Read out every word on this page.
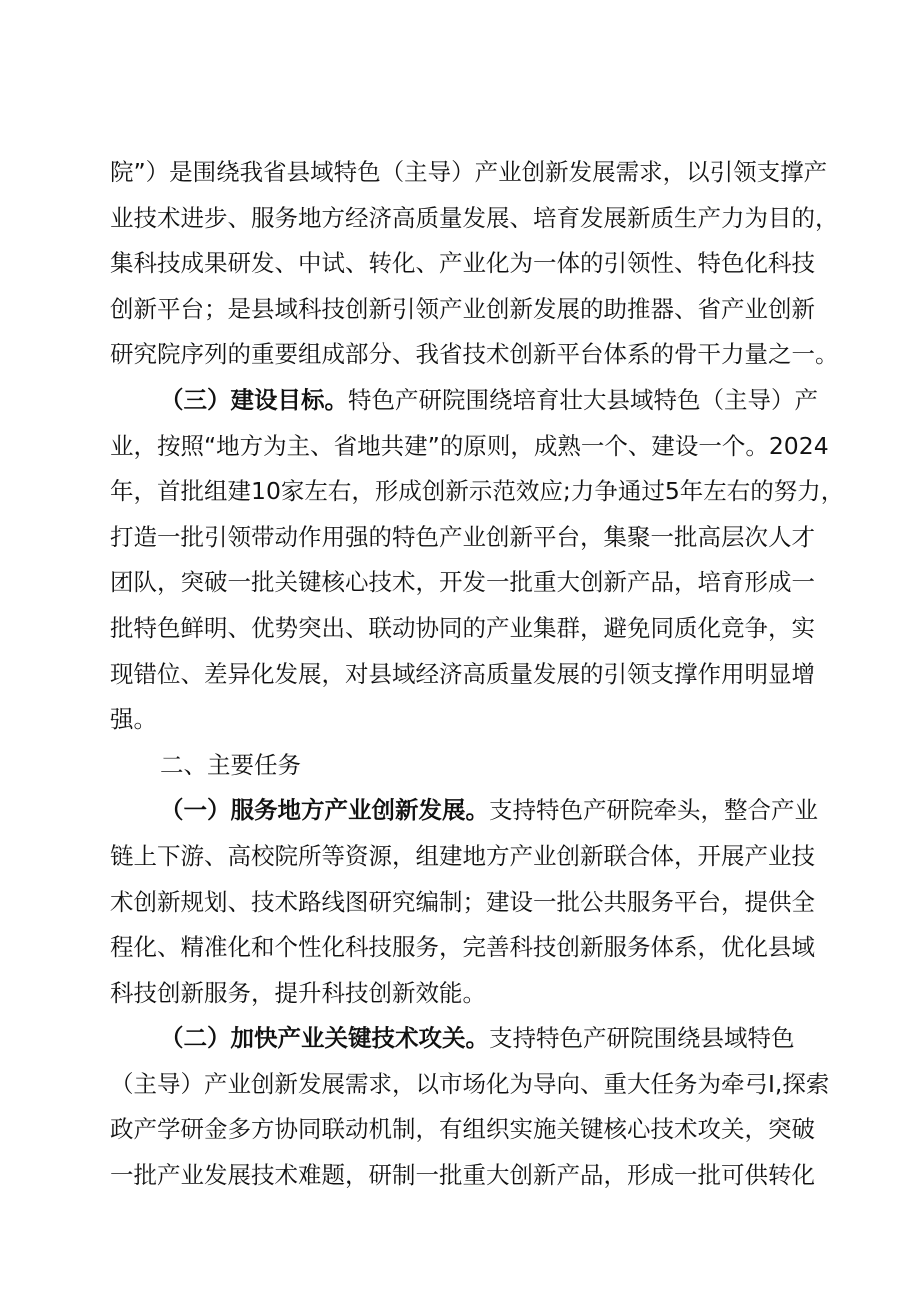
院”）是围绕我省县域特色（主导）产业创新发展需求，以引领支撑产
业技术进步、服务地方经济高质量发展、培育发展新质生产力为目的，
集科技成果研发、中试、转化、产业化为一体的引领性、特色化科技
创新平台；是县域科技创新引领产业创新发展的助推器、省产业创新
研究院序列的重要组成部分、我省技术创新平台体系的骨干力量之一。
（三）建设目标。特色产研院围绕培育壮大县域特色（主导）产
业，按照“地方为主、省地共建”的原则，成熟一个、建设一个。2024
年，首批组建10家左右，形成创新示范效应;力争通过5年左右的努力，
打造一批引领带动作用强的特色产业创新平台，集聚一批高层次人才
团队，突破一批关键核心技术，开发一批重大创新产品，培育形成一
批特色鲜明、优势突出、联动协同的产业集群，避免同质化竞争，实
现错位、差异化发展，对县域经济高质量发展的引领支撑作用明显增
强。
二、主要任务
（一）服务地方产业创新发展。支持特色产研院牵头，整合产业
链上下游、高校院所等资源，组建地方产业创新联合体，开展产业技
术创新规划、技术路线图研究编制；建设一批公共服务平台，提供全
程化、精准化和个性化科技服务，完善科技创新服务体系，优化县域
科技创新服务，提升科技创新效能。
（二）加快产业关键技术攻关。支持特色产研院围绕县域特色
（主导）产业创新发展需求，以市场化为导向、重大任务为牵弓I,探索
政产学研金多方协同联动机制，有组织实施关键核心技术攻关，突破
一批产业发展技术难题，研制一批重大创新产品，形成一批可供转化
